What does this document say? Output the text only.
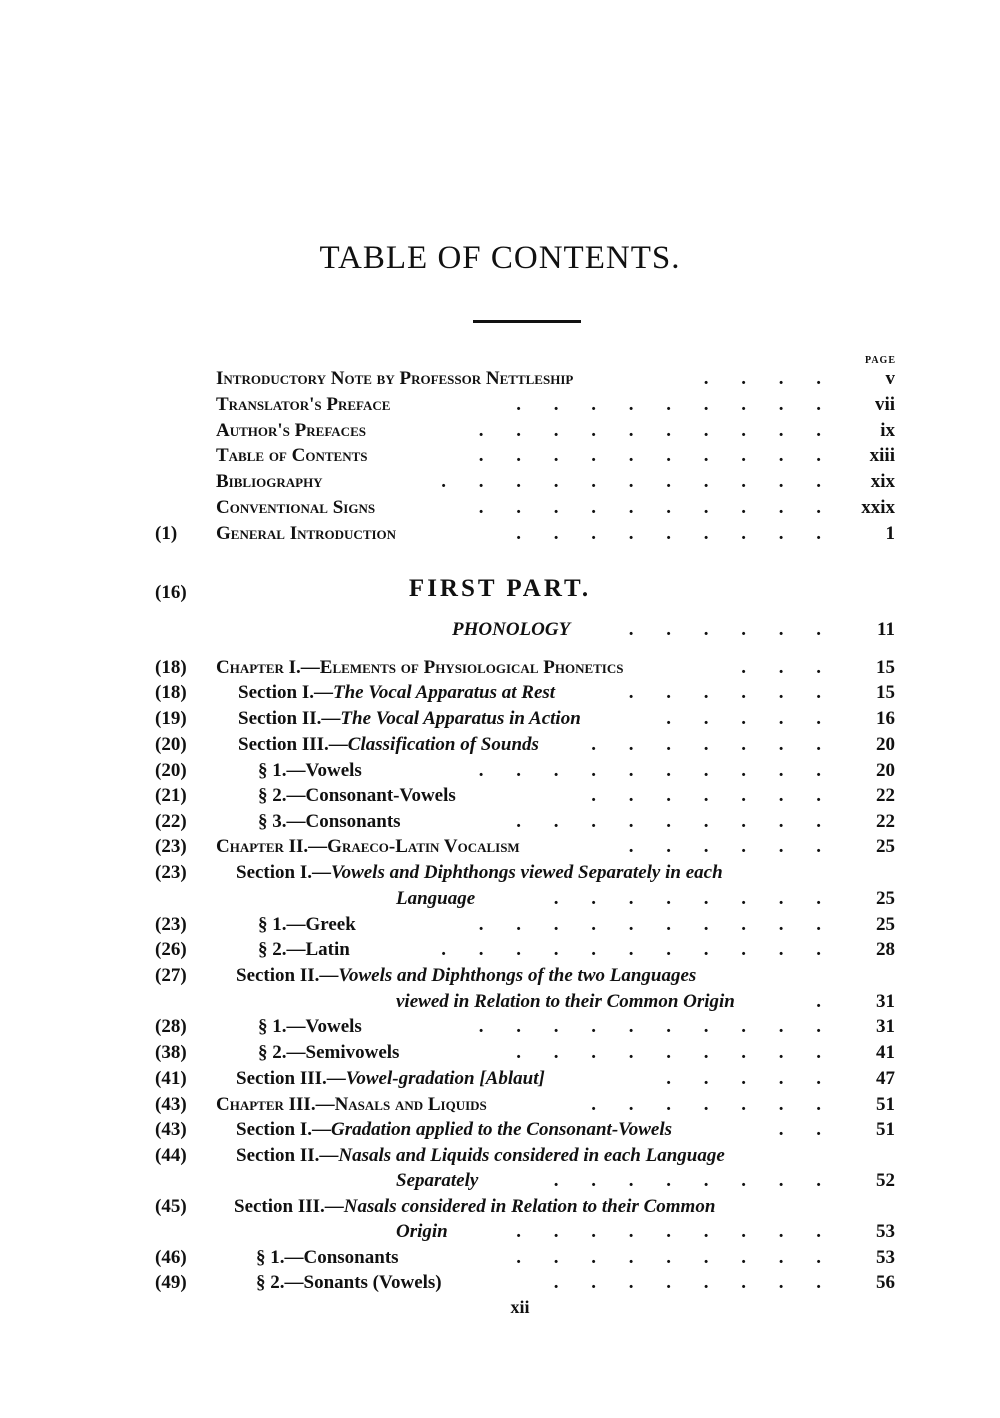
TABLE OF CONTENTS.
PAGE
Introductory Note by Professor Nettleship	. . . .	v
Translator's Preface	. . . . . . . . .	vii
Author's Prefaces	. . . . . . . . . .	ix
Table of Contents	. . . . . . . . . .	xiii
Bibliography	. . . . . . . . . . .	xix
Conventional Signs	. . . . . . . . . .	xxix
(1)	General Introduction	. . . . . . . . .	1
(16)	FIRST PART.
PHONOLOGY	. . . . . .	11
(18)	Chapter I.—Elements of Physiological Phonetics	. . .	15
(18)	Section I.—The Vocal Apparatus at Rest	. . . . . .	15
(19)	Section II.—The Vocal Apparatus in Action	. . . . .	16
(20)	Section III.—Classification of Sounds	. . . . . . .	20
(20)	§ 1.—Vowels	. . . . . . . . . .	20
(21)	§ 2.—Consonant-Vowels	. . . . . . .	22
(22)	§ 3.—Consonants	. . . . . . . . .	22
(23)	Chapter II.—Graeco-Latin Vocalism	. . . . . .	25
(23)	Section I.—Vowels and Diphthongs viewed Separately in each
Language	. . . . . . . .	25
(23)	§ 1.—Greek	. . . . . . . . . .	25
(26)	§ 2.—Latin	. . . . . . . . . . .	28
(27)	Section II.—Vowels and Diphthongs of the two Languages
viewed in Relation to their Common Origin	.	31
(28)	§ 1.—Vowels	. . . . . . . . . .	31
(38)	§ 2.—Semivowels	. . . . . . . . .	41
(41)	Section III.—Vowel-gradation [Ablaut]	. . . . .	47
(43)	Chapter III.—Nasals and Liquids	. . . . . . .	51
(43)	Section I.—Gradation applied to the Consonant-Vowels	. .	51
(44)	Section II.—Nasals and Liquids considered in each Language
Separately	. . . . . . . .	52
(45)	Section III.—Nasals considered in Relation to their Common
Origin	. . . . . . . . .	53
(46)	§ 1.—Consonants	. . . . . . . . .	53
(49)	§ 2.—Sonants (Vowels)	. . . . . . . .	56
xii
